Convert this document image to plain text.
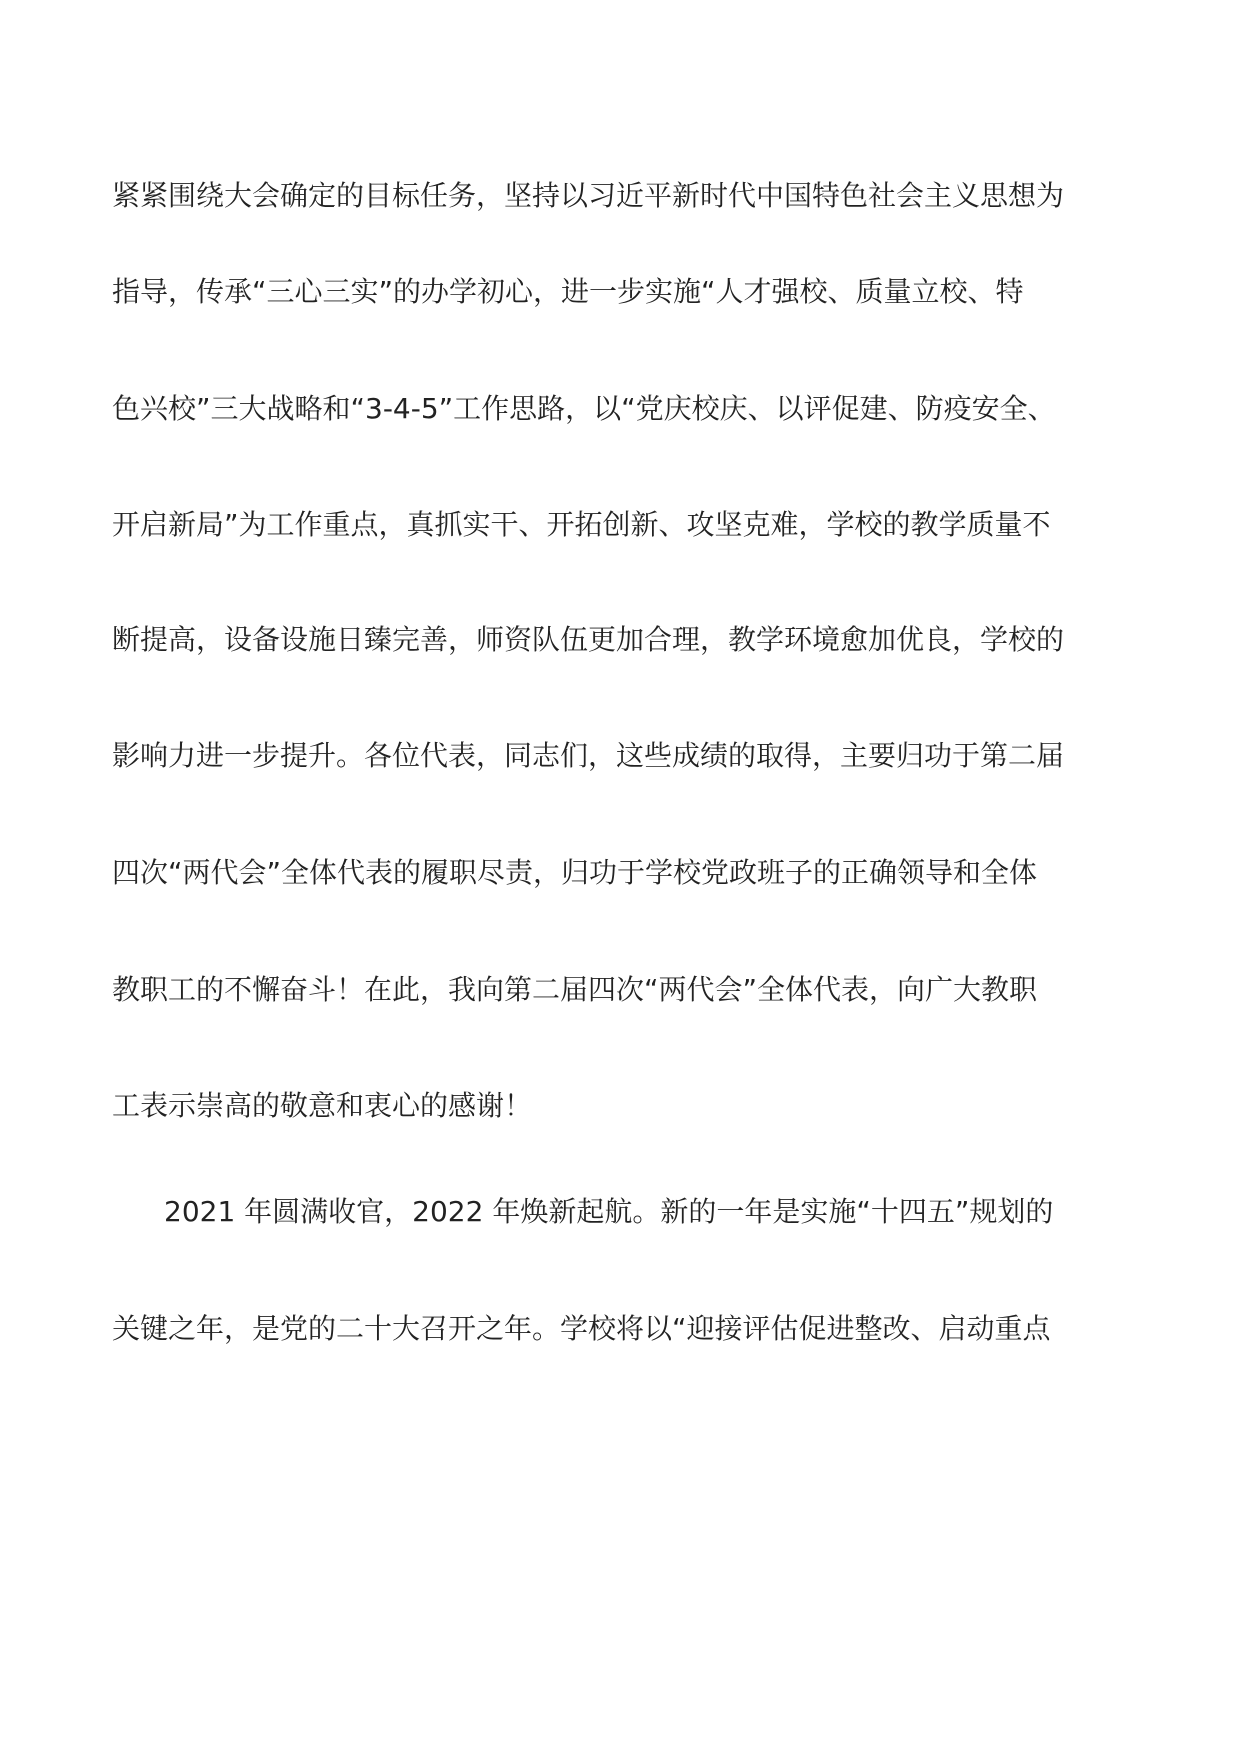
紧紧围绕大会确定的目标任务，坚持以习近平新时代中国特色社会主义思想为
指导，传承“三心三实”的办学初心，进一步实施“人才强校、质量立校、特
色兴校”三大战略和“3-4-5”工作思路，以“党庆校庆、以评促建、防疫安全、
开启新局”为工作重点，真抓实干、开拓创新、攻坚克难，学校的教学质量不
断提高，设备设施日臻完善，师资队伍更加合理，教学环境愈加优良，学校的
影响力进一步提升。各位代表，同志们，这些成绩的取得，主要归功于第二届
四次“两代会”全体代表的履职尽责，归功于学校党政班子的正确领导和全体
教职工的不懈奋斗！在此，我向第二届四次“两代会”全体代表，向广大教职
工表示崇高的敬意和衷心的感谢！
2021 年圆满收官，2022 年焕新起航。新的一年是实施“十四五”规划的
关键之年，是党的二十大召开之年。学校将以“迎接评估促进整改、启动重点
